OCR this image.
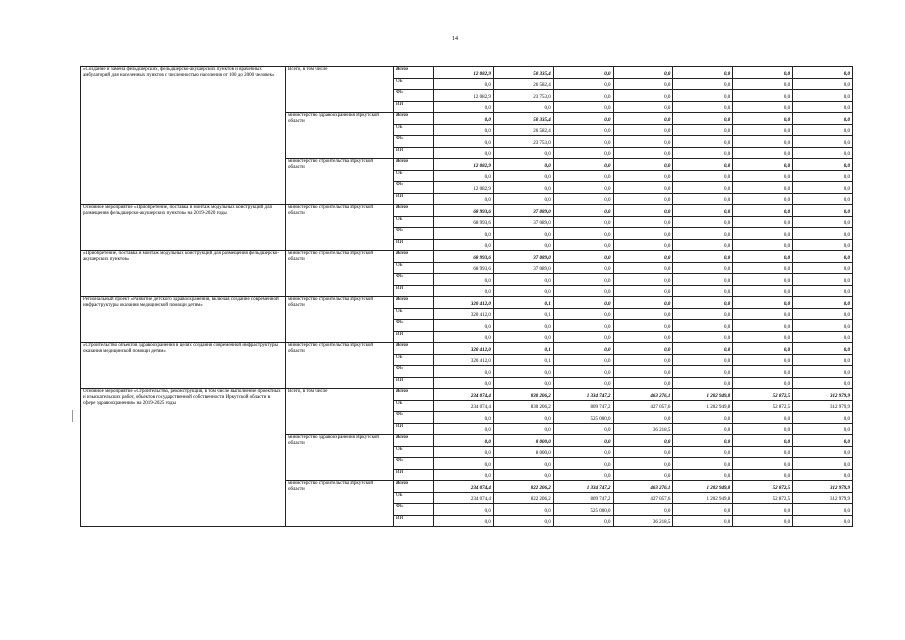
14
«Создание и замена фельдшерских, фельдшерско-акушерских пунктов и врачебных амбулаторий для населенных пунктов с численностью населения от 100 до 2000 человек»	Всего, в том числе	Всего	12 082,9	50 335,4	0,0	0,0	0,0	0,0	0,0
		ОБ	0,0	26 582,4	0,0	0,0	0,0	0,0	0,0
		ФБ	12 082,9	23 753,0	0,0	0,0	0,0	0,0	0,0
		ИИ	0,0	0,0	0,0	0,0	0,0	0,0	0,0
	министерство здравоохранения Иркутской области	Всего	0,0	50 335,4	0,0	0,0	0,0	0,0	0,0
		ОБ	0,0	26 582,4	0,0	0,0	0,0	0,0	0,0
		ФБ	0,0	23 753,0	0,0	0,0	0,0	0,0	0,0
		ИИ	0,0	0,0	0,0	0,0	0,0	0,0	0,0
	министерство строительства Иркутской области	Всего	12 082,9	0,0	0,0	0,0	0,0	0,0	0,0
		ОБ	0,0	0,0	0,0	0,0	0,0	0,0	0,0
		ФБ	12 082,9	0,0	0,0	0,0	0,0	0,0	0,0
		ИИ	0,0	0,0	0,0	0,0	0,0	0,0	0,0
Основное мероприятие «Приобретение, поставка и монтаж модульных конструкций для размещения фельдшерско-акушерских пунктов» на 2019-2020 годы	министерство строительства Иркутской области	Всего	68 993,6	37 089,0	0,0	0,0	0,0	0,0	0,0
		ОБ	68 993,6	37 089,0	0,0	0,0	0,0	0,0	0,0
		ФБ	0,0	0,0	0,0	0,0	0,0	0,0	0,0
		ИИ	0,0	0,0	0,0	0,0	0,0	0,0	0,0
«Приобретение, поставка и монтаж модульных конструкций для размещения фельдшерско-акушерских пунктов»	министерство строительства Иркутской области	Всего	68 993,6	37 089,0	0,0	0,0	0,0	0,0	0,0
		ОБ	68 993,6	37 089,0	0,0	0,0	0,0	0,0	0,0
		ФБ	0,0	0,0	0,0	0,0	0,0	0,0	0,0
		ИИ	0,0	0,0	0,0	0,0	0,0	0,0	0,0
Региональный проект «Развитие детского здравоохранения, включая создание современной инфраструктуры оказания медицинской помощи детям»	министерство строительства Иркутской области	Всего	320 412,0	0,1	0,0	0,0	0,0	0,0	0,0
		ОБ	320 412,0	0,1	0,0	0,0	0,0	0,0	0,0
		ФБ	0,0	0,0	0,0	0,0	0,0	0,0	0,0
		ИИ	0,0	0,0	0,0	0,0	0,0	0,0	0,0
«Строительство объектов здравоохранения в целях создания современной инфраструктуры оказания медицинской помощи детям»	министерство строительства Иркутской области	Всего	320 412,0	0,1	0,0	0,0	0,0	0,0	0,0
		ОБ	320 412,0	0,1	0,0	0,0	0,0	0,0	0,0
		ФБ	0,0	0,0	0,0	0,0	0,0	0,0	0,0
		ИИ	0,0	0,0	0,0	0,0	0,0	0,0	0,0
Основное мероприятие «Строительство, реконструкция, в том числе выполнение проектных и изыскательских работ, объектов государственной собственности Иркутской области в сфере здравоохранения» на 2019-2025 годы	Всего, в том числе	Всего	234 074,4	830 206,2	1 334 747,2	463 276,1	1 202 949,8	52 872,5	312 979,9
		ОБ	234 074,4	830 206,2	809 747,2	427 057,6	1 202 949,8	52 872,5	312 979,9
		ФБ	0,0	0,0	525 000,0	0,0	0,0	0,0	0,0
		ИИ	0,0	0,0	0,0	36 218,5	0,0	0,0	0,0
	министерство здравоохранения Иркутской области	Всего	0,0	8 000,0	0,0	0,0	0,0	0,0	0,0
		ОБ	0,0	8 000,0	0,0	0,0	0,0	0,0	0,0
		ФБ	0,0	0,0	0,0	0,0	0,0	0,0	0,0
		ИИ	0,0	0,0	0,0	0,0	0,0	0,0	0,0
	министерство строительства Иркутской области	Всего	234 074,4	822 206,2	1 334 747,2	463 276,1	1 202 949,8	52 872,5	312 979,9
		ОБ	234 074,4	822 206,2	809 747,2	427 057,6	1 202 949,8	52 872,5	312 979,9
		ФБ	0,0	0,0	525 000,0	0,0	0,0	0,0	0,0
		ИИ	0,0	0,0	0,0	36 218,5	0,0	0,0	0,0
